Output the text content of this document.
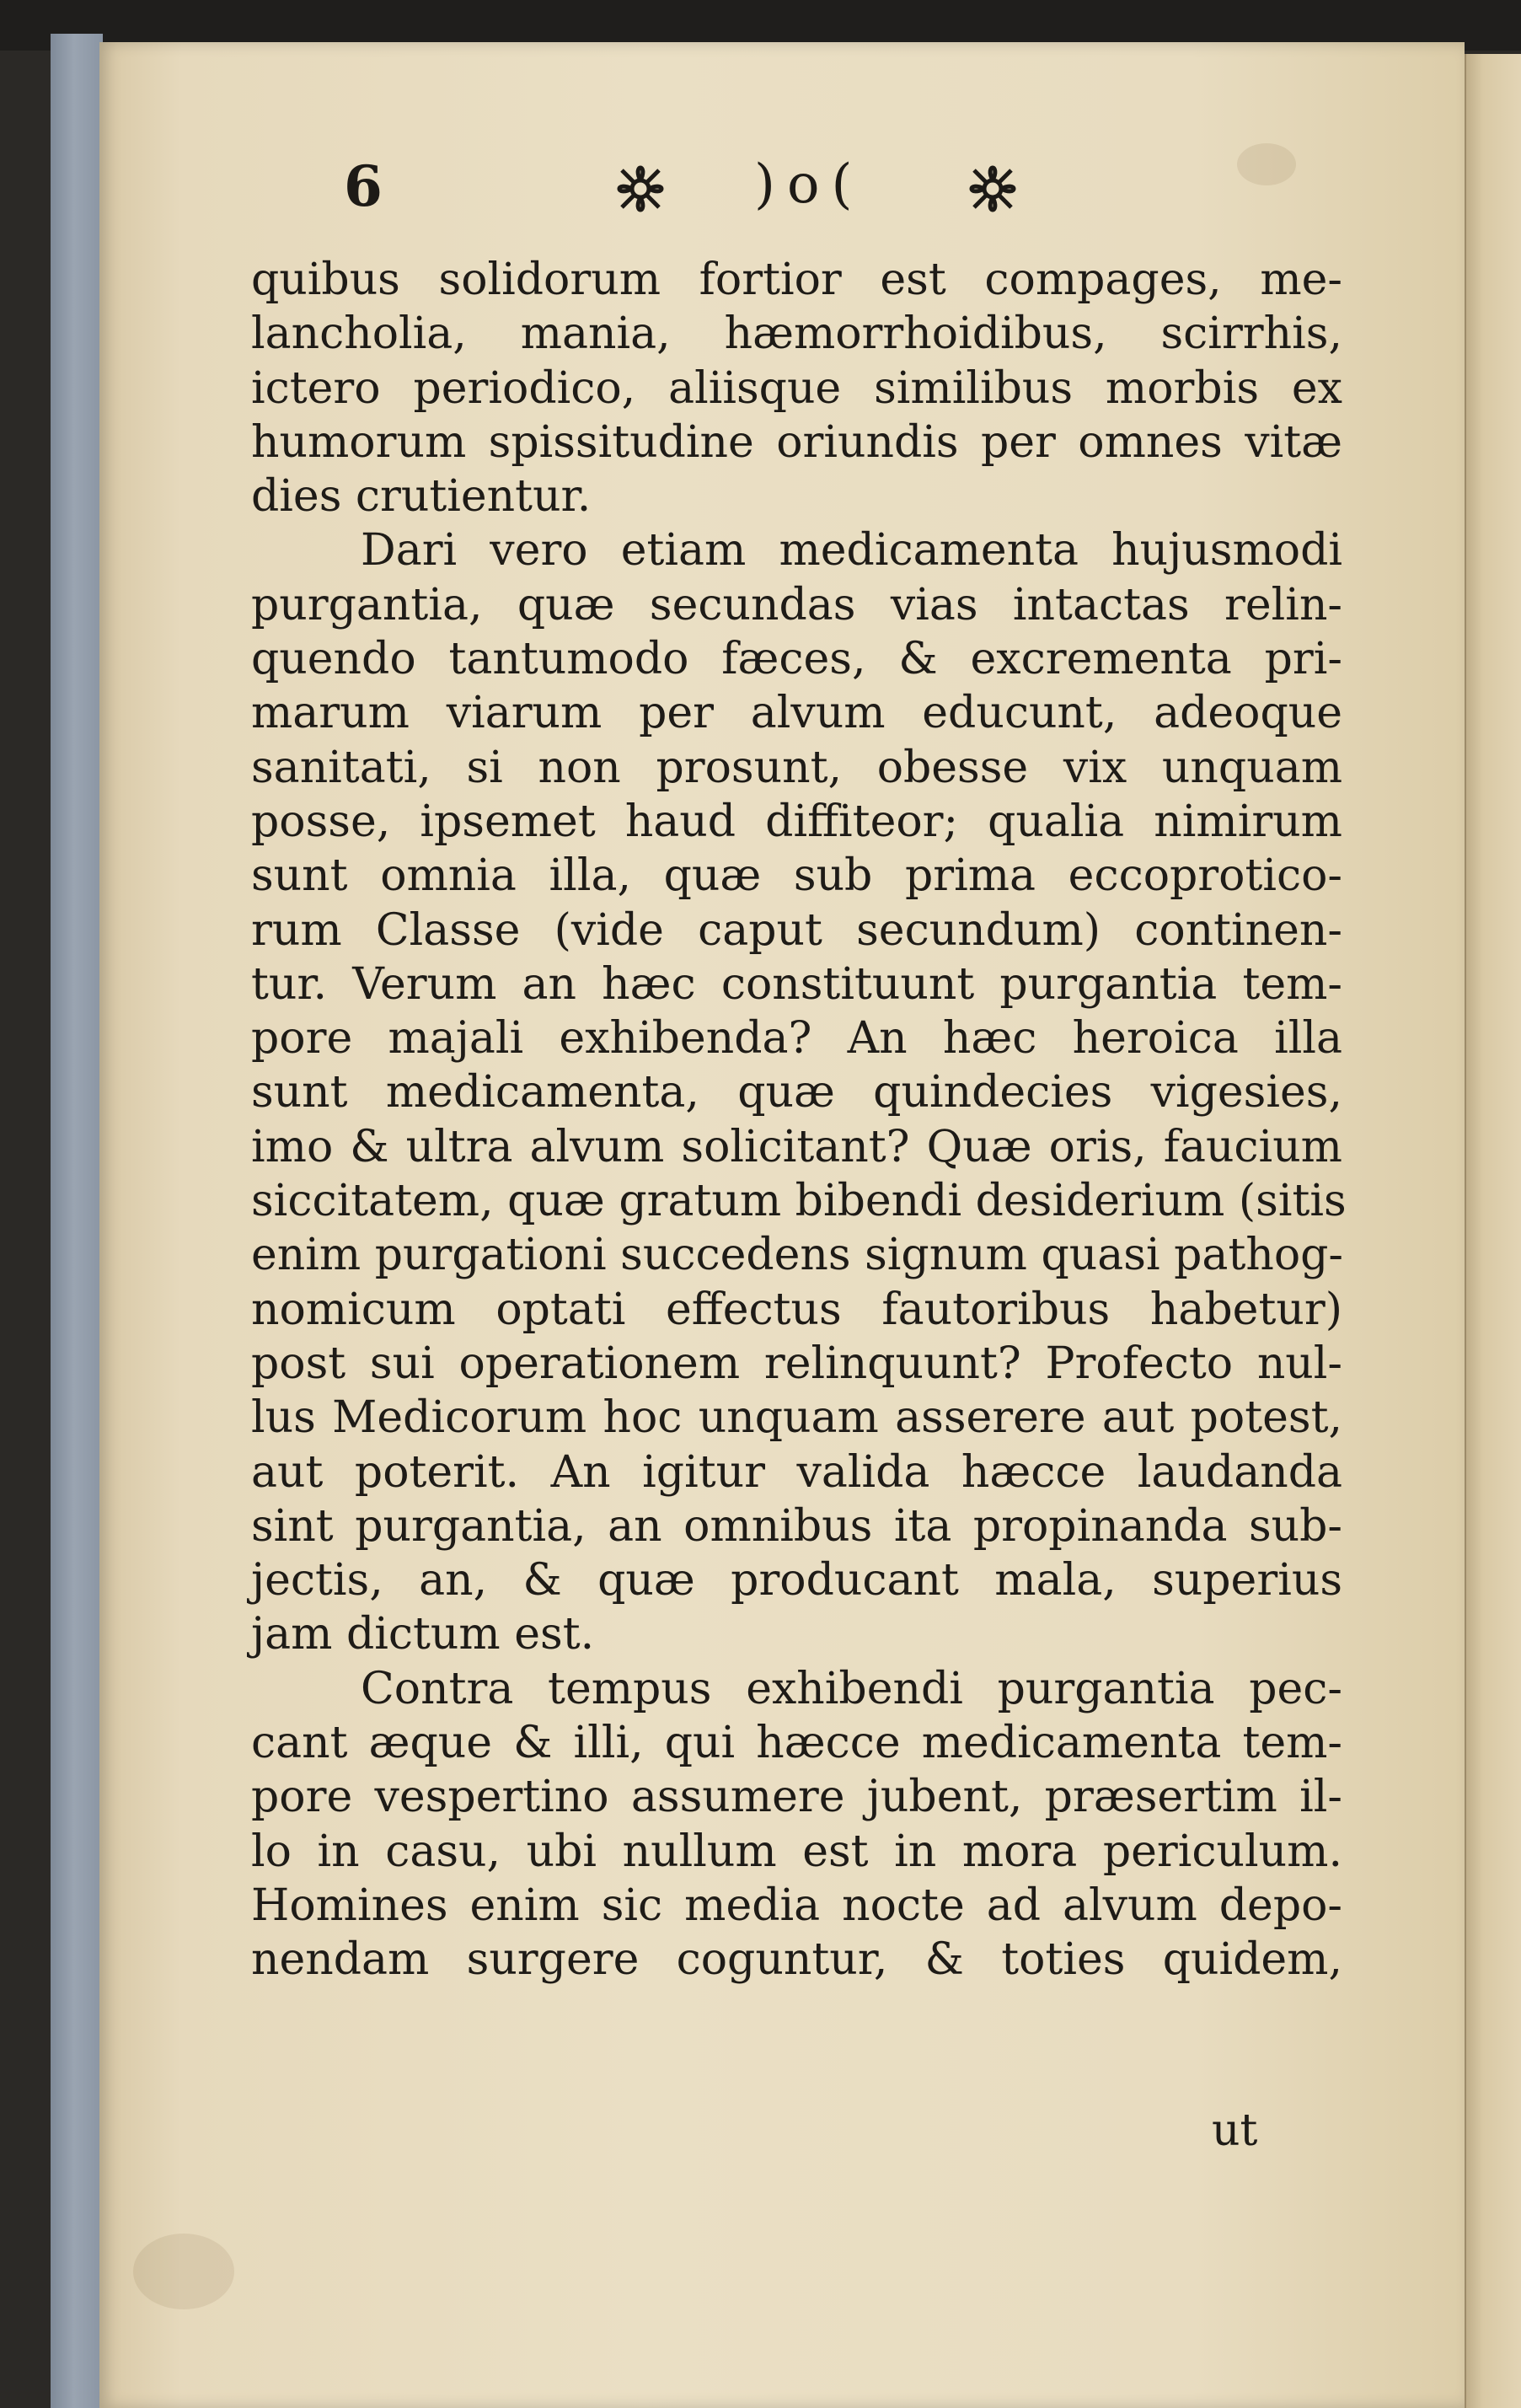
6	)o(
quibus solidorum fortior est compages, me-
lancholia, mania, hæmorrhoidibus, scirrhis,
ictero periodico, aliisque similibus morbis ex
humorum spissitudine oriundis per omnes vitæ
dies crutientur.
Dari vero etiam medicamenta hujusmodi
purgantia, quæ secundas vias intactas relin-
quendo tantumodo fæces, & excrementa pri-
marum viarum per alvum educunt, adeoque
sanitati, si non prosunt, obesse vix unquam
posse, ipsemet haud diffiteor; qualia nimirum
sunt omnia illa, quæ sub prima eccoprotico-
rum Classe (vide caput secundum) continen-
tur. Verum an hæc constituunt purgantia tem-
pore majali exhibenda? An hæc heroica illa
sunt medicamenta, quæ quindecies vigesies,
imo & ultra alvum solicitant? Quæ oris, faucium
siccitatem, quæ gratum bibendi desiderium (sitis
enim purgationi succedens signum quasi pathog-
nomicum optati effectus fautoribus habetur)
post sui operationem relinquunt? Profecto nul-
lus Medicorum hoc unquam asserere aut potest,
aut poterit. An igitur valida hæcce laudanda
sint purgantia, an omnibus ita propinanda sub-
jectis, an, & quæ producant mala, superius
jam dictum est.
Contra tempus exhibendi purgantia pec-
cant æque & illi, qui hæcce medicamenta tem-
pore vespertino assumere jubent, præsertim il-
lo in casu, ubi nullum est in mora periculum.
Homines enim sic media nocte ad alvum depo-
nendam surgere coguntur, & toties quidem,
ut
